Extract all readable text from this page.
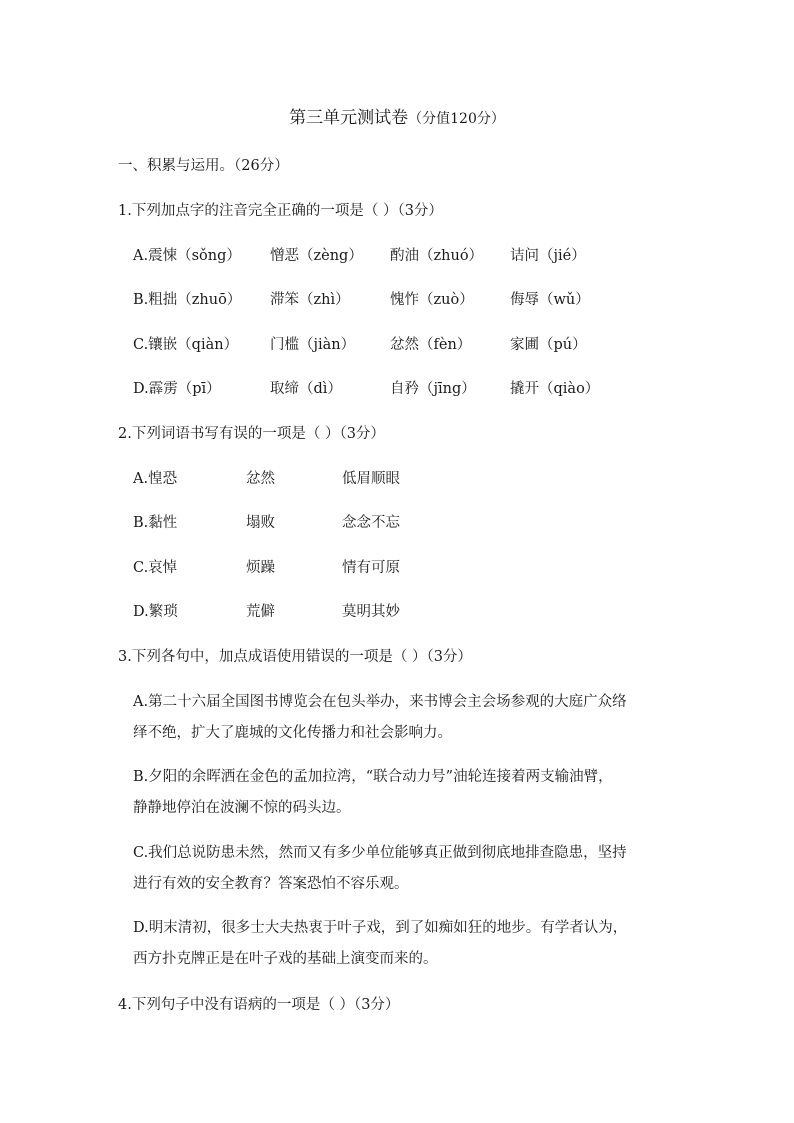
第三单元测试卷（分值120分）
一、积累与运用。（26分）
1.下列加点字的注音完全正确的一项是（ ）（3分）
A.震悚（sǒng） 憎恶（zèng） 酌油（zhuó） 诘问（jié）
B.粗拙（zhuō） 滞笨（zhì）	愧怍（zuò）	侮辱（wǔ）
C.镶嵌（qiàn） 门槛（jiàn） 忿然（fèn）	家圃（pú）
D.霹雳（pī）	取缔（dì）	自矜（jīng） 撬开（qiào）
2.下列词语书写有误的一项是（ ）（3分）
A.惶恐	忿然	低眉顺眼
B.黏性	塌败	念念不忘
C.哀悼	烦躁	情有可原
D.繁琐	荒僻	莫明其妙
3.下列各句中，加点成语使用错误的一项是（ ）（3分）
A.第二十六届全国图书博览会在包头举办，来书博会主会场参观的大庭广众络
绎不绝，扩大了鹿城的文化传播力和社会影响力。
B.夕阳的余晖洒在金色的孟加拉湾，“联合动力号”油轮连接着两支输油臂，
静静地停泊在波澜不惊的码头边。
C.我们总说防患未然，然而又有多少单位能够真正做到彻底地排查隐患，坚持
进行有效的安全教育？答案恐怕不容乐观。
D.明末清初，很多士大夫热衷于叶子戏，到了如痴如狂的地步。有学者认为，
西方扑克牌正是在叶子戏的基础上演变而来的。
4.下列句子中没有语病的一项是（ ）（3分）
